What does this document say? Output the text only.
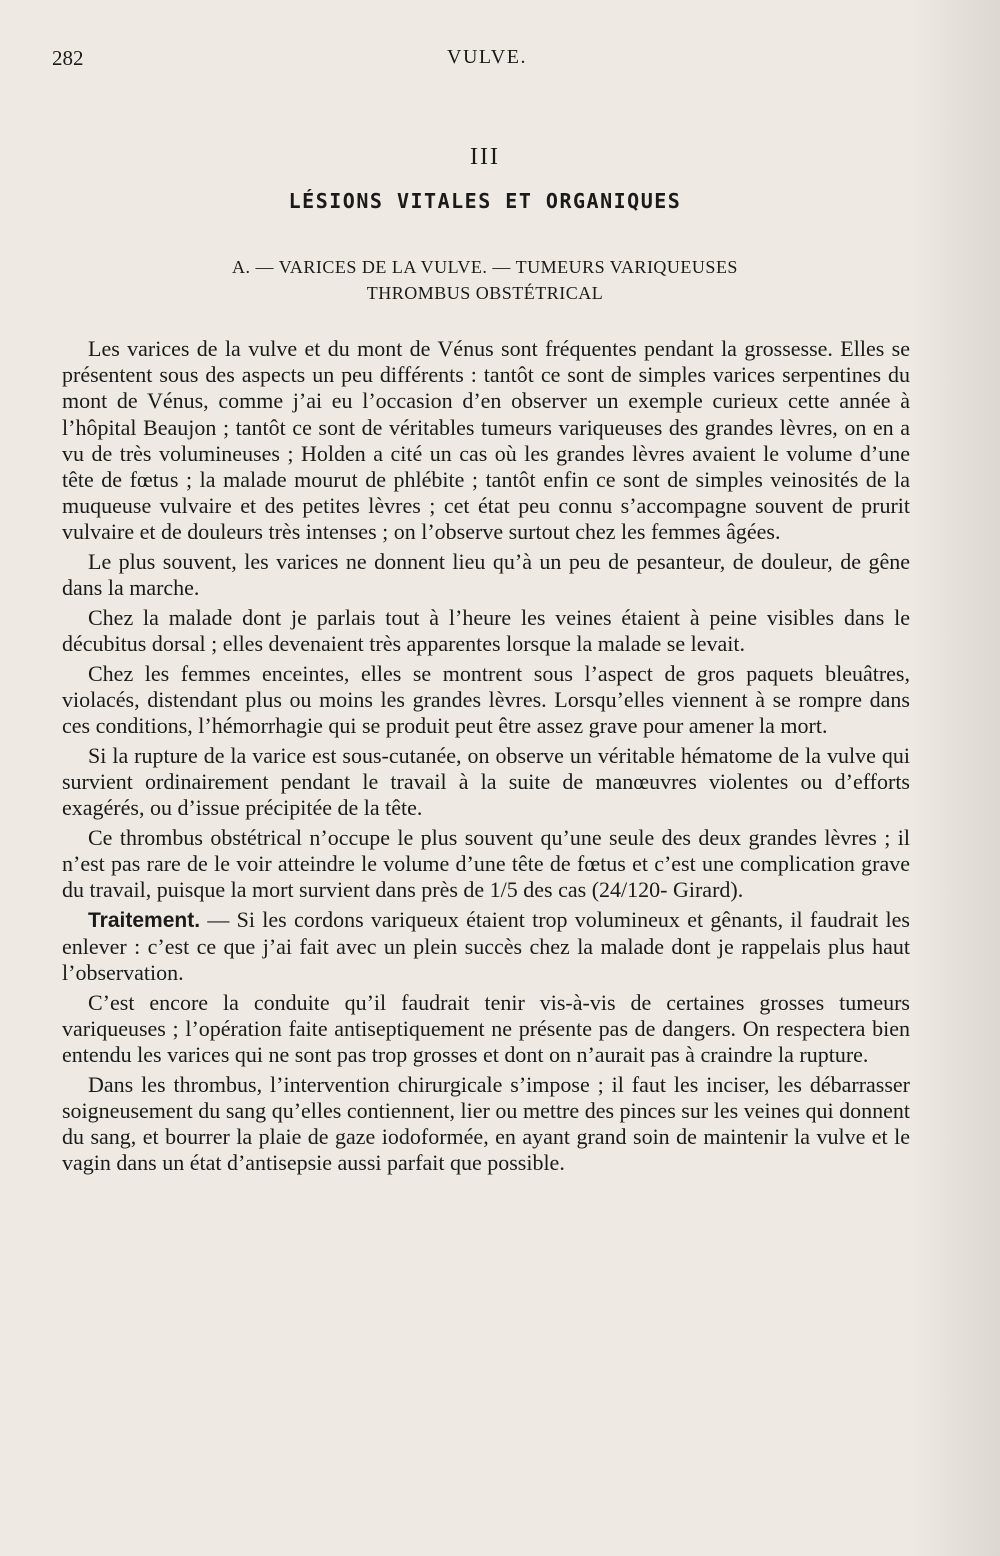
282	VULVE.
III
LÉSIONS VITALES ET ORGANIQUES
A. — VARICES DE LA VULVE. — TUMEURS VARIQUEUSES
THROMBUS OBSTÉTRICAL

Les varices de la vulve et du mont de Vénus sont fréquentes pendant la grossesse. Elles se présentent sous des aspects un peu différents : tantôt ce sont de simples varices serpentines du mont de Vénus, comme j’ai eu l’occasion d’en observer un exemple curieux cette année à l’hôpital Beaujon ; tantôt ce sont de véritables tumeurs variqueuses des grandes lèvres, on en a vu de très volumineuses ; Holden a cité un cas où les grandes lèvres avaient le volume d’une tête de fœtus ; la malade mourut de phlébite ; tantôt enfin ce sont de simples veinosités de la muqueuse vulvaire et des petites lèvres ; cet état peu connu s’accompagne souvent de prurit vulvaire et de douleurs très intenses ; on l’observe surtout chez les femmes âgées.

Le plus souvent, les varices ne donnent lieu qu’à un peu de pesanteur, de douleur, de gêne dans la marche.

Chez la malade dont je parlais tout à l’heure les veines étaient à peine visibles dans le décubitus dorsal ; elles devenaient très apparentes lorsque la malade se levait.

Chez les femmes enceintes, elles se montrent sous l’aspect de gros paquets bleuâtres, violacés, distendant plus ou moins les grandes lèvres. Lorsqu’elles viennent à se rompre dans ces conditions, l’hémorrhagie qui se produit peut être assez grave pour amener la mort.

Si la rupture de la varice est sous-cutanée, on observe un véritable hématome de la vulve qui survient ordinairement pendant le travail à la suite de manœuvres violentes ou d’efforts exagérés, ou d’issue précipitée de la tête.

Ce thrombus obstétrical n’occupe le plus souvent qu’une seule des deux grandes lèvres ; il n’est pas rare de le voir atteindre le volume d’une tête de fœtus et c’est une complication grave du travail, puisque la mort survient dans près de 1/5 des cas (24/120- Girard).

Traitement. — Si les cordons variqueux étaient trop volumineux et gênants, il faudrait les enlever : c’est ce que j’ai fait avec un plein succès chez la malade dont je rappelais plus haut l’observation.

C’est encore la conduite qu’il faudrait tenir vis-à-vis de certaines grosses tumeurs variqueuses ; l’opération faite antiseptiquement ne présente pas de dangers. On respectera bien entendu les varices qui ne sont pas trop grosses et dont on n’aurait pas à craindre la rupture.

Dans les thrombus, l’intervention chirurgicale s’impose ; il faut les inciser, les débarrasser soigneusement du sang qu’elles contiennent, lier ou mettre des pinces sur les veines qui donnent du sang, et bourrer la plaie de gaze iodoformée, en ayant grand soin de maintenir la vulve et le vagin dans un état d’antisepsie aussi parfait que possible.
